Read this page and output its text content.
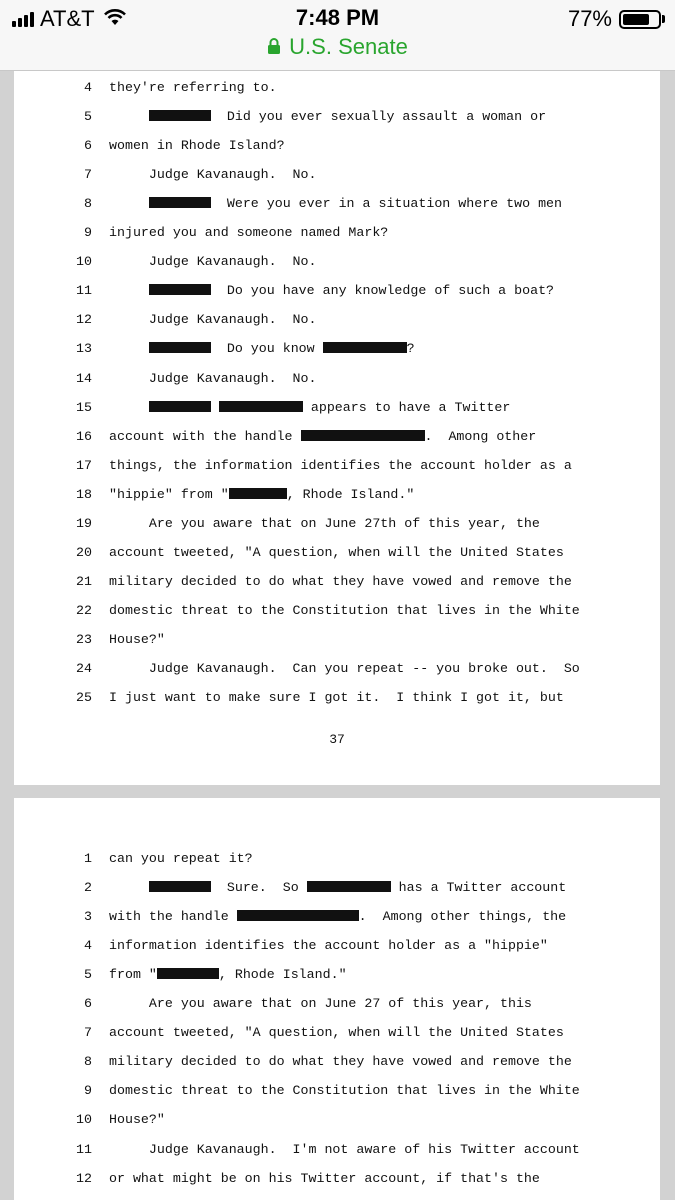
AT&T	7:48 PM	77%
U.S. Senate
4 they're referring to.
5	Did you ever sexually assault a woman or
6 women in Rhode Island?
7 Judge Kavanaugh.  No.
8	Were you ever in a situation where two men
9 injured you and someone named Mark?
10 Judge Kavanaugh.  No.
11	Do you have any knowledge of such a boat?
12 Judge Kavanaugh.  No.
13	Do you know	?
14 Judge Kavanaugh.  No.
15	appears to have a Twitter
16 account with the handle	.  Among other
17 things, the information identifies the account holder as a
18 "hippie" from "	, Rhode Island."
19 Are you aware that on June 27th of this year, the
20 account tweeted, "A question, when will the United States
21 military decided to do what they have vowed and remove the
22 domestic threat to the Constitution that lives in the White
23 House?"
24 Judge Kavanaugh.  Can you repeat -- you broke out.  So
25 I just want to make sure I got it.  I think I got it, but
37
1 can you repeat it?
2	Sure.  So	has a Twitter account
3 with the handle	.  Among other things, the
4 information identifies the account holder as a "hippie"
5 from "	, Rhode Island."
6 Are you aware that on June 27 of this year, this
7 account tweeted, "A question, when will the United States
8 military decided to do what they have vowed and remove the
9 domestic threat to the Constitution that lives in the White
10 House?"
11 Judge Kavanaugh.  I'm not aware of his Twitter account
12 or what might be on his Twitter account, if that's the
